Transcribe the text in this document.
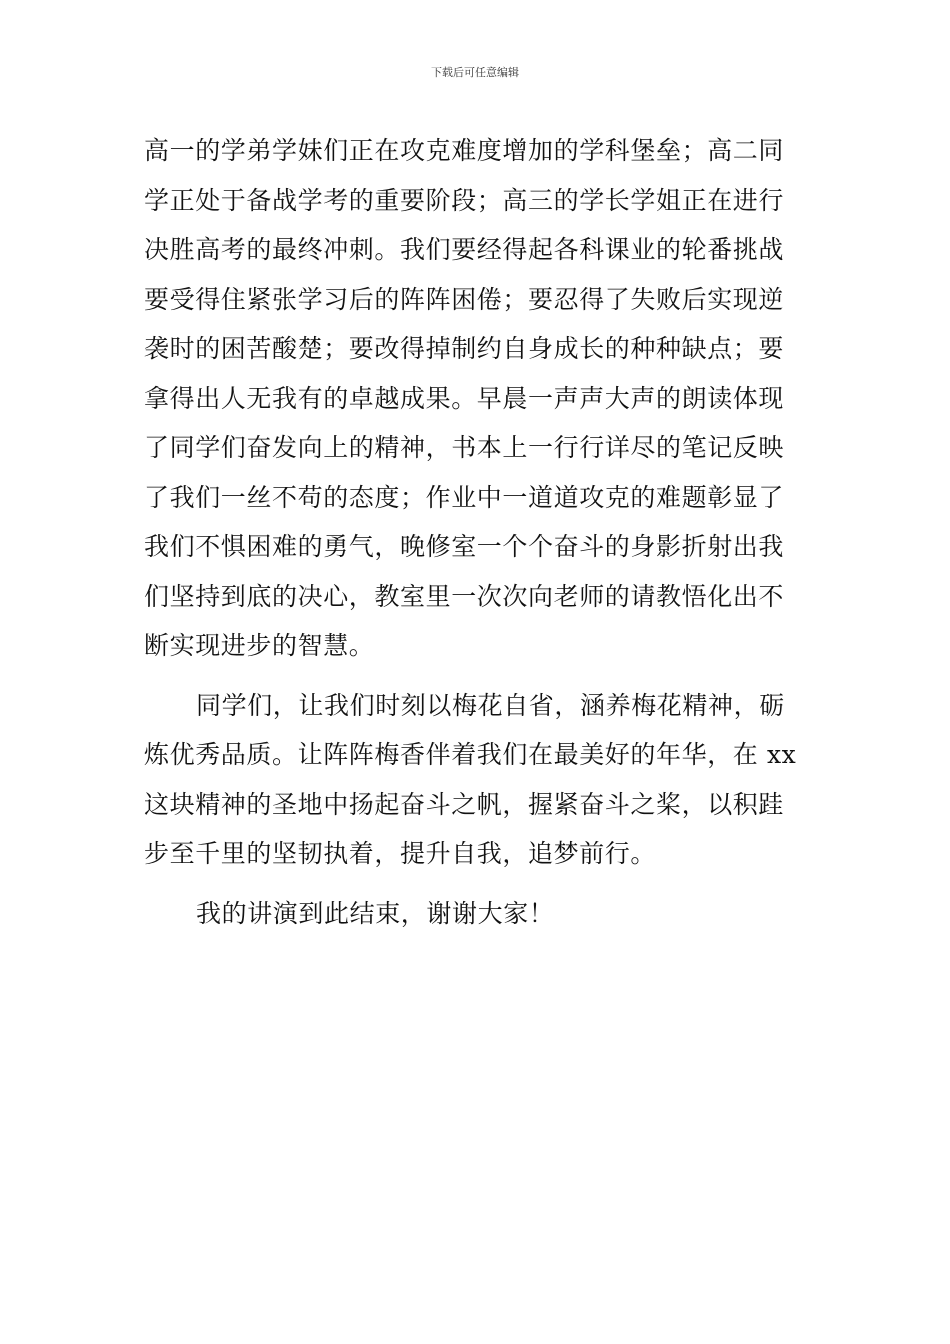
下载后可任意编辑
高一的学弟学妹们正在攻克难度增加的学科堡垒；高二同
学正处于备战学考的重要阶段；高三的学长学姐正在进行
决胜高考的最终冲刺。我们要经得起各科课业的轮番挑战
要受得住紧张学习后的阵阵困倦；要忍得了失败后实现逆
袭时的困苦酸楚；要改得掉制约自身成长的种种缺点；要
拿得出人无我有的卓越成果。早晨一声声大声的朗读体现
了同学们奋发向上的精神，书本上一行行详尽的笔记反映
了我们一丝不苟的态度；作业中一道道攻克的难题彰显了
我们不惧困难的勇气，晚修室一个个奋斗的身影折射出我
们坚持到底的决心，教室里一次次向老师的请教悟化出不
断实现进步的智慧。
同学们，让我们时刻以梅花自省，涵养梅花精神，砺
炼优秀品质。让阵阵梅香伴着我们在最美好的年华，在 xx
这块精神的圣地中扬起奋斗之帆，握紧奋斗之桨，以积跬
步至千里的坚韧执着，提升自我，追梦前行。
我的讲演到此结束，谢谢大家！
